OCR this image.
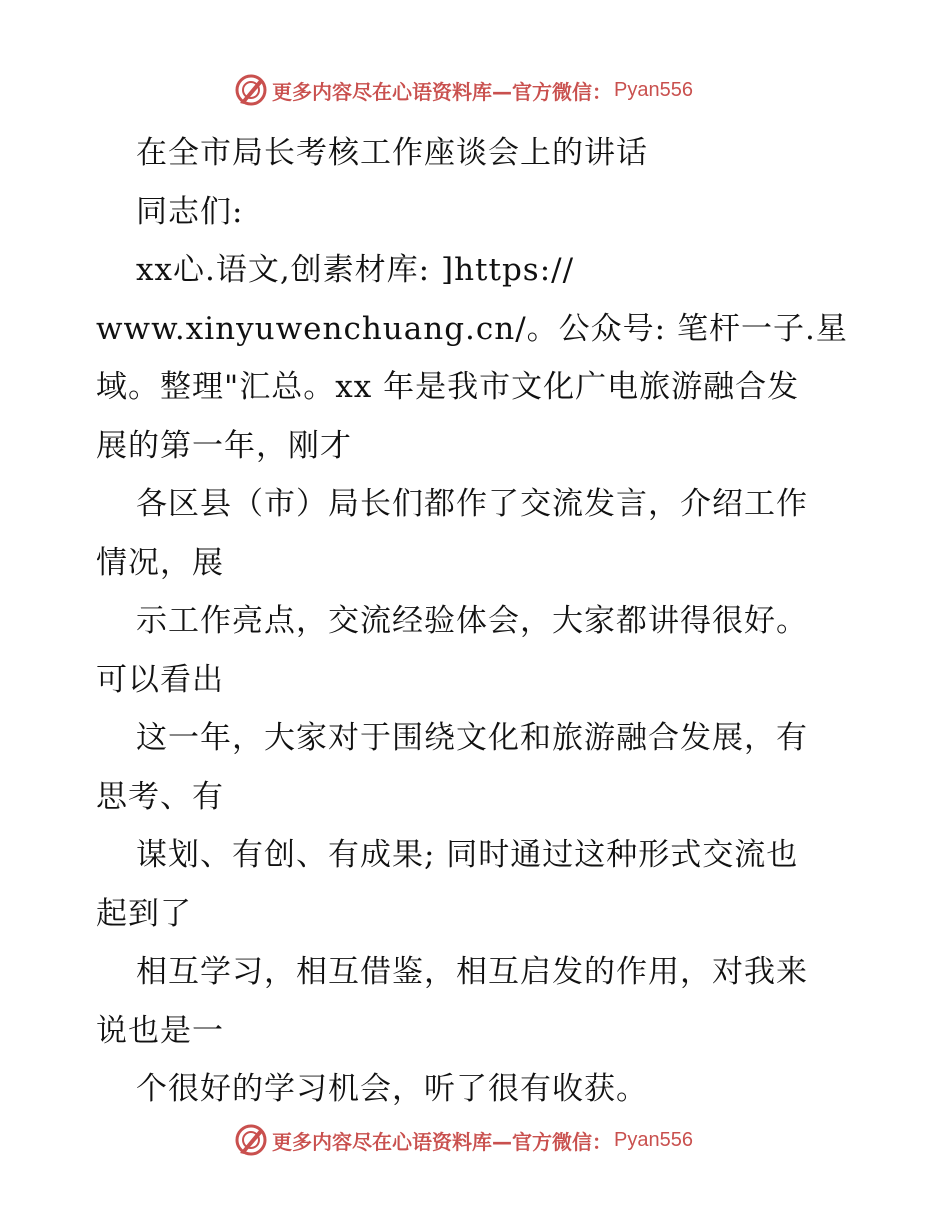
更多内容尽在心语资料库—官方微信： Pyan556
在全市局长考核工作座谈会上的讲话
同志们:
xx心.语文,创素材库: ]https://
www.xinyuwenchuang.cn/。公众号: 笔杆一子.星
域。整理"汇总。xx 年是我市文化广电旅游融合发
展的第一年，刚才
各区县（市）局长们都作了交流发言，介绍工作
情况，展
示工作亮点，交流经验体会，大家都讲得很好。
可以看出
这一年，大家对于围绕文化和旅游融合发展，有
思考、有
谋划、有创、有成果; 同时通过这种形式交流也
起到了
相互学习，相互借鉴，相互启发的作用，对我来
说也是一
个很好的学习机会，听了很有收获。
更多内容尽在心语资料库—官方微信： Pyan556
